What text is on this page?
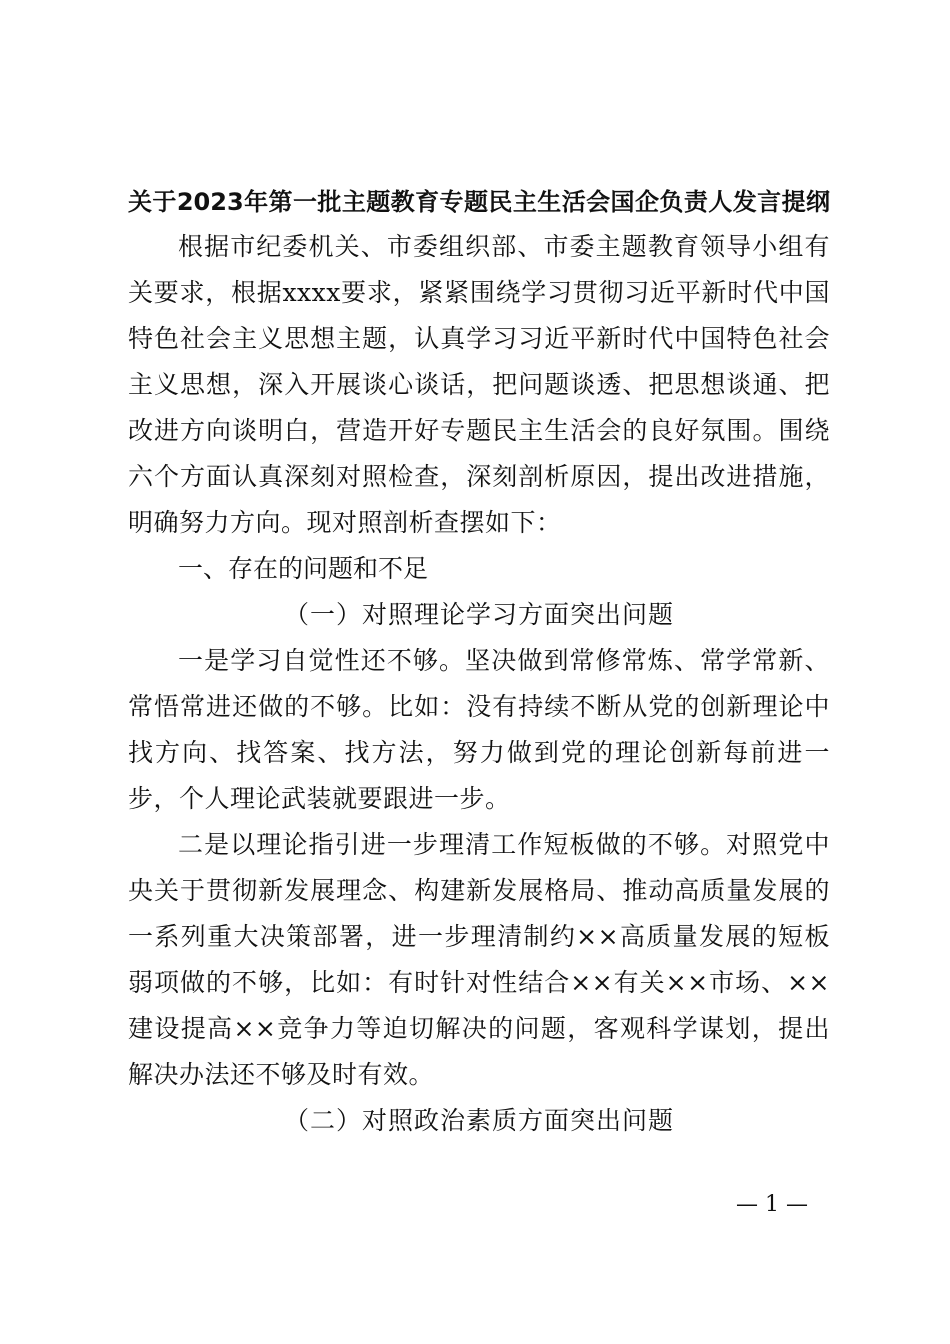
关于2023年第一批主题教育专题民主生活会国企负责人发言提纲

根据市纪委机关、市委组织部、市委主题教育领导小组有关要求，根据xxxx要求，紧紧围绕学习贯彻习近平新时代中国特色社会主义思想主题，认真学习习近平新时代中国特色社会主义思想，深入开展谈心谈话，把问题谈透、把思想谈通、把改进方向谈明白，营造开好专题民主生活会的良好氛围。围绕六个方面认真深刻对照检查，深刻剖析原因，提出改进措施，明确努力方向。现对照剖析查摆如下：

一、存在的问题和不足

（一）对照理论学习方面突出问题

一是学习自觉性还不够。坚决做到常修常炼、常学常新、常悟常进还做的不够。比如：没有持续不断从党的创新理论中找方向、找答案、找方法，努力做到党的理论创新每前进一步，个人理论武装就要跟进一步。

二是以理论指引进一步理清工作短板做的不够。对照党中央关于贯彻新发展理念、构建新发展格局、推动高质量发展的一系列重大决策部署，进一步理清制约××高质量发展的短板弱项做的不够，比如：有时针对性结合××有关××市场、××建设提高××竞争力等迫切解决的问题，客观科学谋划，提出解决办法还不够及时有效。

（二）对照政治素质方面突出问题

— 1 —
